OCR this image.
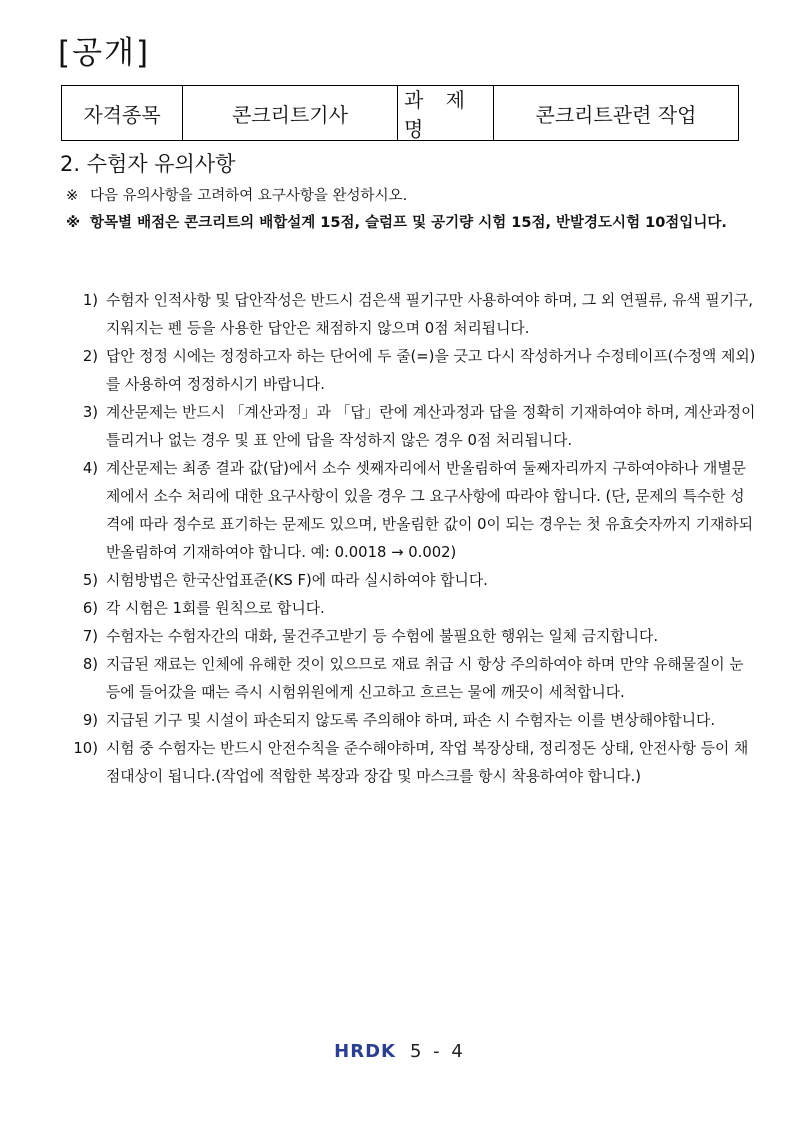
[공개]
자격종목	콘크리트기사
과 제 명
콘크리트관련 작업
2. 수험자 유의사항
※ 다음 유의사항을 고려하여 요구사항을 완성하시오.
※ 항목별 배점은 콘크리트의 배합설계 15점, 슬럼프 및 공기량 시험 15점, 반발경도시험 10점입니다.
1) 수험자 인적사항 및 답안작성은 반드시 검은색 필기구만 사용하여야 하며, 그 외 연필류, 유색 필기구, 지워지는 펜 등을 사용한 답안은 채점하지 않으며 0점 처리됩니다.
2) 답안 정정 시에는 정정하고자 하는 단어에 두 줄(=)을 긋고 다시 작성하거나 수정테이프(수정액 제외)를 사용하여 정정하시기 바랍니다.
3) 계산문제는 반드시 「계산과정」과 「답」란에 계산과정과 답을 정확히 기재하여야 하며, 계산과정이 틀리거나 없는 경우 및 표 안에 답을 작성하지 않은 경우 0점 처리됩니다.
4) 계산문제는 최종 결과 값(답)에서 소수 셋째자리에서 반올림하여 둘째자리까지 구하여야하나 개별문제에서 소수 처리에 대한 요구사항이 있을 경우 그 요구사항에 따라야 합니다. (단, 문제의 특수한 성격에 따라 정수로 표기하는 문제도 있으며, 반올림한 값이 0이 되는 경우는 첫 유효숫자까지 기재하되 반올림하여 기재하여야 합니다. 예: 0.0018 → 0.002)
5) 시험방법은 한국산업표준(KS F)에 따라 실시하여야 합니다.
6) 각 시험은 1회를 원칙으로 합니다.
7) 수험자는 수험자간의 대화, 물건주고받기 등 수험에 불필요한 행위는 일체 금지합니다.
8) 지급된 재료는 인체에 유해한 것이 있으므로 재료 취급 시 항상 주의하여야 하며 만약 유해물질이 눈 등에 들어갔을 때는 즉시 시험위원에게 신고하고 흐르는 물에 깨끗이 세척합니다.
9) 지급된 기구 및 시설이 파손되지 않도록 주의해야 하며, 파손 시 수험자는 이를 변상해야합니다.
10) 시험 중 수험자는 반드시 안전수칙을 준수해야하며, 작업 복장상태, 정리정돈 상태, 안전사항 등이 채점대상이 됩니다.(작업에 적합한 복장과 장갑 및 마스크를 항시 착용하여야 합니다.)
HRDK 5 - 4
